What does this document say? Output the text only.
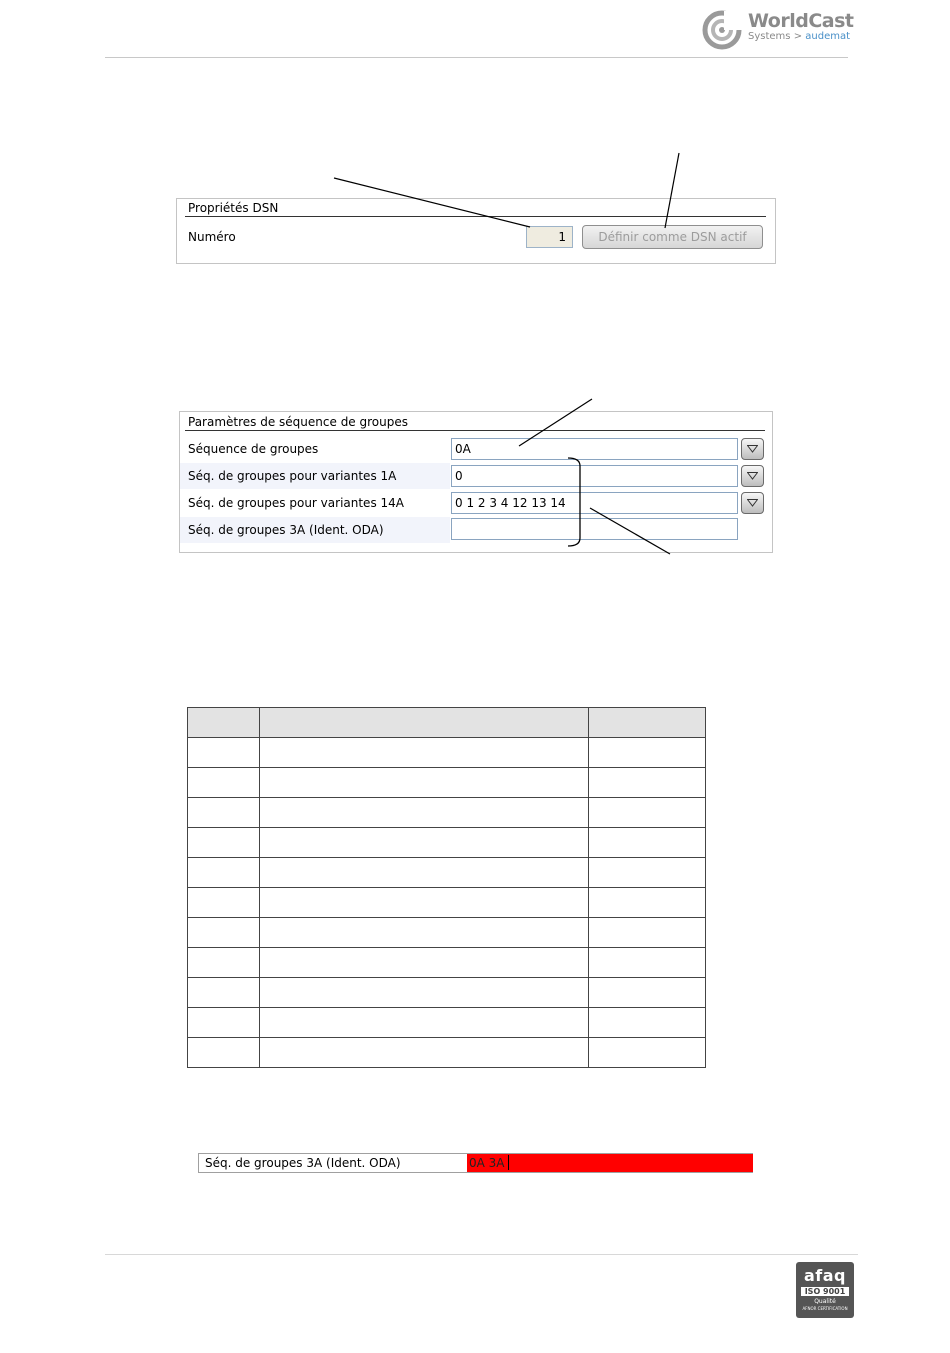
WorldCast
Systems > audemat
Propriétés DSN
Numéro	1	Définir comme DSN actif
Paramètres de séquence de groupes
Séquence de groupes	0A
Séq. de groupes pour variantes 1A	0
Séq. de groupes pour variantes 14A	0 1 2 3 4 12 13 14
Séq. de groupes 3A (Ident. ODA)

Séq. de groupes 3A (Ident. ODA)	0A 3A
afaq
ISO 9001
Qualité
AFNOR CERTIFICATION
